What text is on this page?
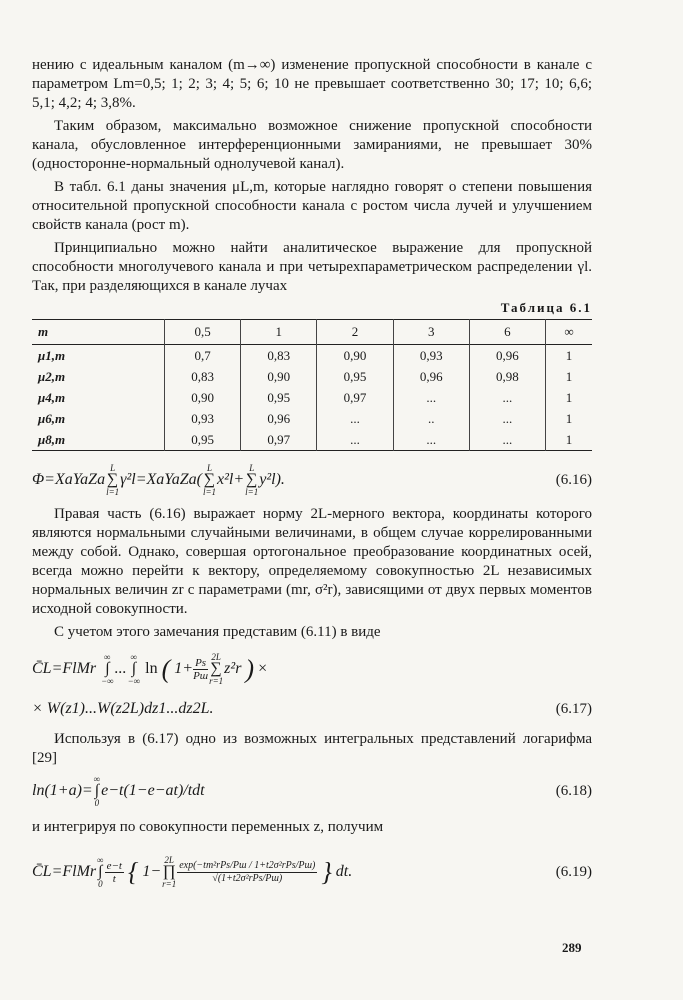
нению с идеальным каналом (m→∞) изменение пропускной способности в канале с параметром Lm=0,5; 1; 2; 3; 4; 5; 6; 10 не превышает соответственно 30; 17; 10; 6,6; 5,1; 4,2; 4; 3,8%.

Таким образом, максимально возможное снижение пропускной способности канала, обусловленное интерференционными замираниями, не превышает 30% (односторонне-нормальный однолучевой канал).

В табл. 6.1 даны значения μL,m, которые наглядно говорят о степени повышения относительной пропускной способности канала с ростом числа лучей и улучшением свойств канала (рост m).

Принципиально можно найти аналитическое выражение для пропускной способности многолучевого канала и при четырехпараметрическом распределении γl. Так, при разделяющихся в канале лучах

Таблица 6.1
m	0,5	1	2	3	6	∞
μ1,m	0,7	0,83	0,90	0,93	0,96	1
μ2,m	0,83	0,90	0,95	0,96	0,98	1
μ4,m	0,90	0,95	0,97	...	...	1
μ6,m	0,93	0,96	...	..	...	1
μ8,m	0,95	0,97	...	...	...	1
Φ=XaYaZaL
∑
l=1γ²l=XaYaZa(L
∑
l=1x²l+L
∑
l=1y²l).	(6.16)

Правая часть (6.16) выражает норму 2L-мерного вектора, координаты которого являются нормальными случайными величинами, в общем случае коррелированными между собой. Однако, совершая ортогональное преобразование координатных осей, всегда можно перейти к вектору, определяемому совокупностью 2L независимых нормальных величин zr с параметрами (mr, σ²r), зависящими от двух первых моментов исходной совокупности.

С учетом этого замечания представим (6.11) в виде

C̄L=FlMr ∞
∫
−∞...∞
∫
−∞ ln ( $1+ \frac{Ps}{Pш} 2L$
∑
r=1z²r ) ×
× W(z1)...W(z2L)dz1...dz2L.	(6.17)

Используя в (6.17) одно из возможных интегральных представлений логарифма [29]

ln(1+a)=∞
∫
0e−t(1−e−at)/tdt	(6.18)

и интегрируя по совокупности переменных z, получим

C̄L=FlMr∞
∫
$0 \frac{e-t}{t}$ { 1−2L
∏
$r=1 \frac{\text{exp(−tm²rPs/Pш / 1+t2σ²rPs/Pш)}}{\text{√(1+t2σ²rPs/Pш)}}$ } dt.	(6.19)
289
